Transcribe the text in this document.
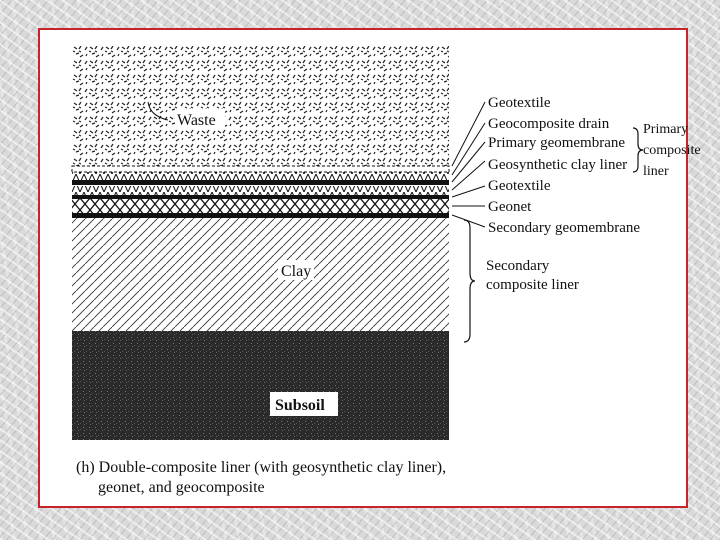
Waste
Clay
Subsoil
Geotextile
Geocomposite drain
Primary geomembrane
Geosynthetic clay liner
Geotextile
Geonet
Secondary geomembrane
Primary
composite
liner
Secondary
composite liner
(h) Double-composite liner (with geosynthetic clay liner),
geonet, and geocomposite
